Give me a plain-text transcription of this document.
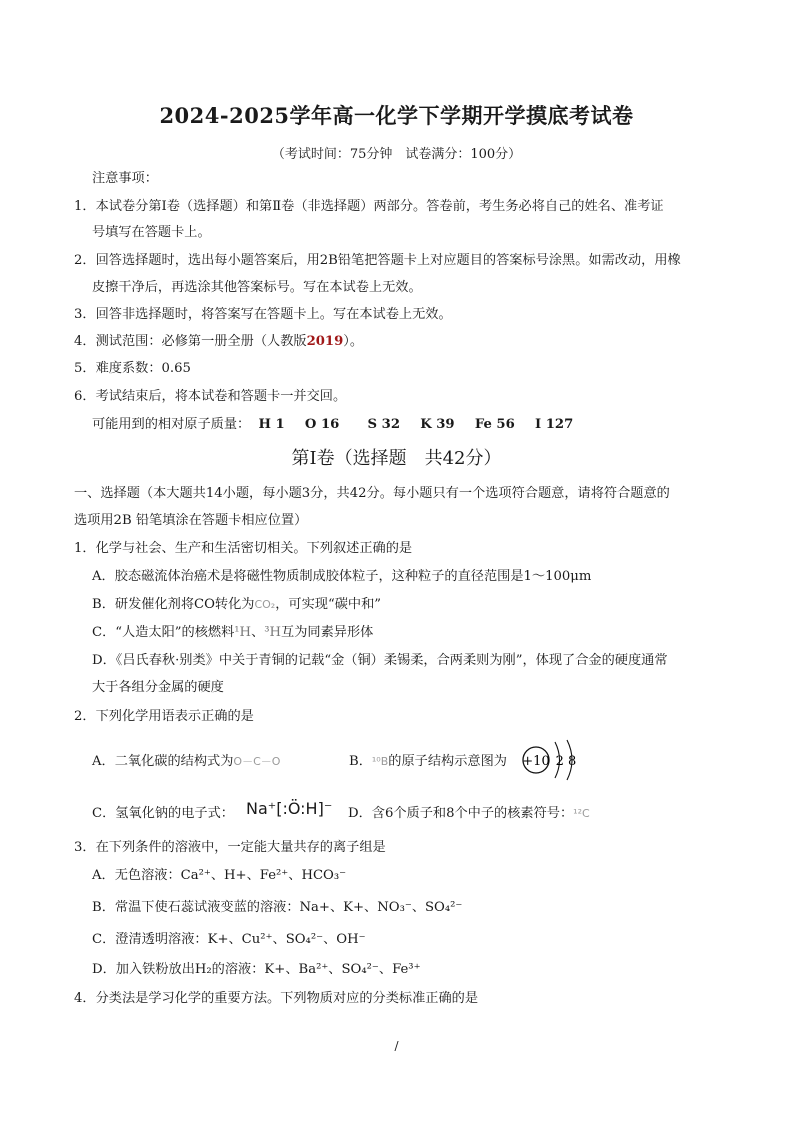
2024-2025学年高一化学下学期开学摸底考试卷
（考试时间：75分钟　试卷满分：100分）
注意事项：
1．本试卷分第Ⅰ卷（选择题）和第Ⅱ卷（非选择题）两部分。答卷前，考生务必将自己的姓名、准考证
号填写在答题卡上。
2．回答选择题时，选出每小题答案后，用2B铅笔把答题卡上对应题目的答案标号涂黑。如需改动，用橡
皮擦干净后，再选涂其他答案标号。写在本试卷上无效。
3．回答非选择题时，将答案写在答题卡上。写在本试卷上无效。
4．测试范围：必修第一册全册（人教版2019）。
5．难度系数：0.65
6．考试结束后，将本试卷和答题卡一并交回。
可能用到的相对原子质量： H 1 O 16 S 32 K 39 Fe 56 I 127
第Ⅰ卷（选择题　共42分）
一、选择题（本大题共14小题，每小题3分，共42分。每小题只有一个选项符合题意，请将符合题意的
选项用2B 铅笔填涂在答题卡相应位置）
1．化学与社会、生产和生活密切相关。下列叙述正确的是
A．胶态磁流体治癌术是将磁性物质制成胶体粒子，这种粒子的直径范围是1～100μm
B．研发催化剂将CO转化为CO₂，可实现“碳中和”
C．“人造太阳”的核燃料¹H、³H互为同素异形体
D．《吕氏春秋·别类》中关于青铜的记载“金（铜）柔锡柔，合两柔则为刚”，体现了合金的硬度通常
大于各组分金属的硬度
2．下列化学用语表示正确的是
A．二氧化碳的结构式为O－C－O	B．¹⁰B的原子结构示意图为 +10 2 8
C．氢氧化钠的电子式： Na⁺[:Ö:H]⁻ D．含6个质子和8个中子的核素符号：¹²C
3．在下列条件的溶液中，一定能大量共存的离子组是
A．无色溶液：Ca²⁺、H+、Fe²⁺、HCO₃⁻
B．常温下使石蕊试液变蓝的溶液：Na+、K+、NO₃⁻、SO₄²⁻
C．澄清透明溶液：K+、Cu²⁺、SO₄²⁻、OH⁻
D．加入铁粉放出H₂的溶液：K+、Ba²⁺、SO₄²⁻、Fe³⁺
4．分类法是学习化学的重要方法。下列物质对应的分类标准正确的是
/
